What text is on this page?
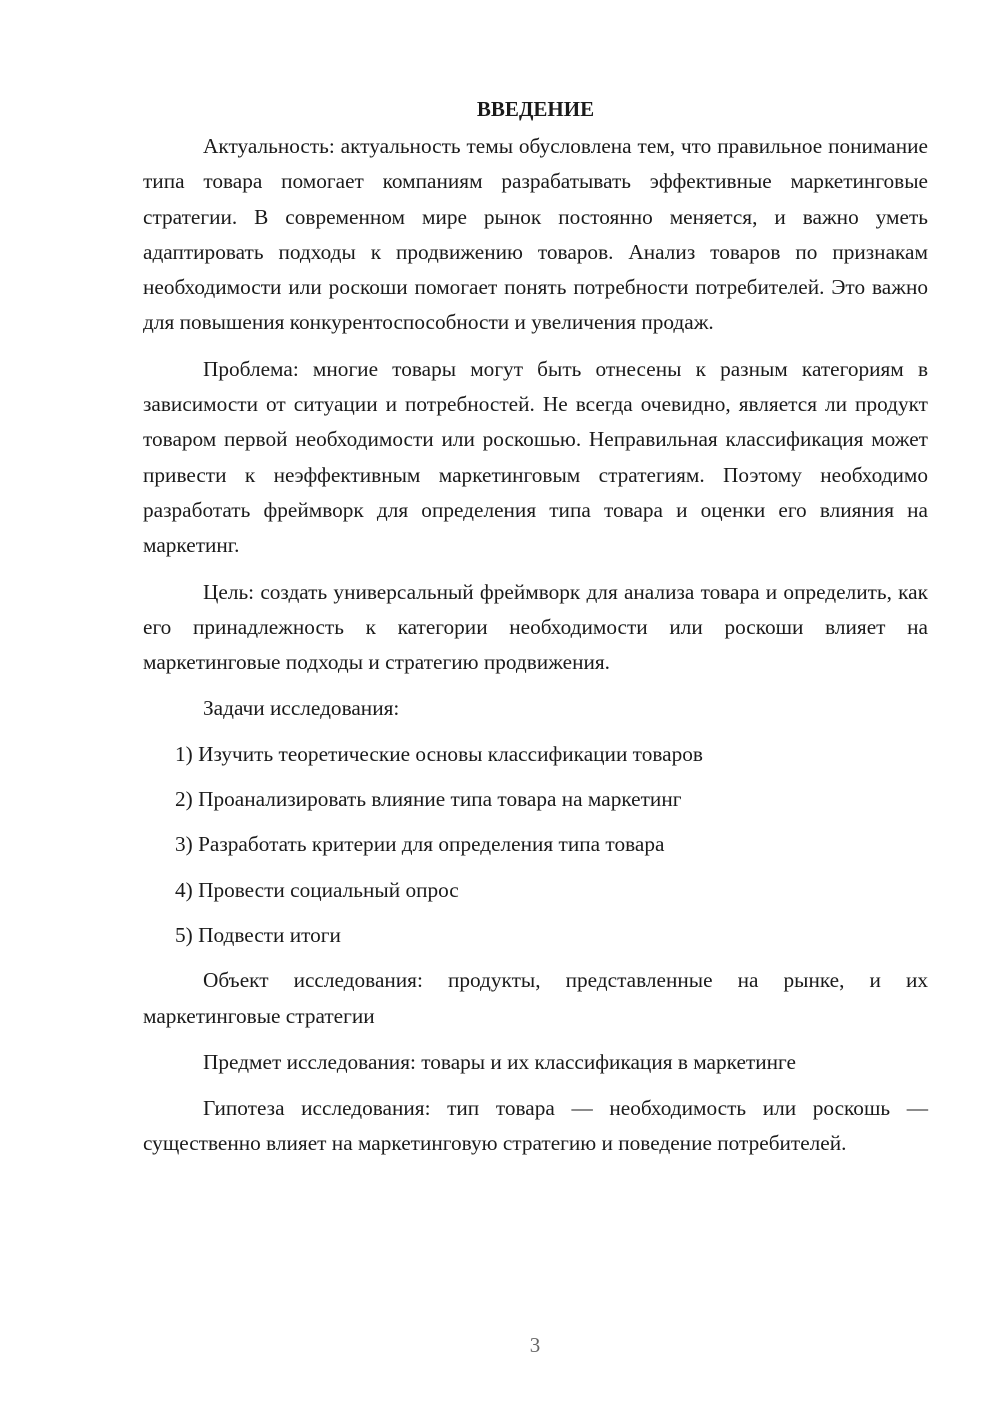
ВВЕДЕНИЕ

Актуальность: актуальность темы обусловлена тем, что правильное понимание типа товара помогает компаниям разрабатывать эффективные маркетинговые стратегии. В современном мире рынок постоянно меняется, и важно уметь адаптировать подходы к продвижению товаров. Анализ товаров по признакам необходимости или роскоши помогает понять потребности потребителей. Это важно для повышения конкурентоспособности и увеличения продаж.

Проблема: многие товары могут быть отнесены к разным категориям в зависимости от ситуации и потребностей. Не всегда очевидно, является ли продукт товаром первой необходимости или роскошью. Неправильная классификация может привести к неэффективным маркетинговым стратегиям. Поэтому необходимо разработать фреймворк для определения типа товара и оценки его влияния на маркетинг.

Цель: создать универсальный фреймворк для анализа товара и определить, как его принадлежность к категории необходимости или роскоши влияет на маркетинговые подходы и стратегию продвижения.

Задачи исследования:

1) Изучить теоретические основы классификации товаров
2) Проанализировать влияние типа товара на маркетинг
3) Разработать критерии для определения типа товара
4) Провести социальный опрос
5) Подвести итоги

Объект исследования: продукты, представленные на рынке, и их маркетинговые стратегии

Предмет исследования: товары и их классификация в маркетинге

Гипотеза исследования: тип товара — необходимость или роскошь — существенно влияет на маркетинговую стратегию и поведение потребителей.

3
